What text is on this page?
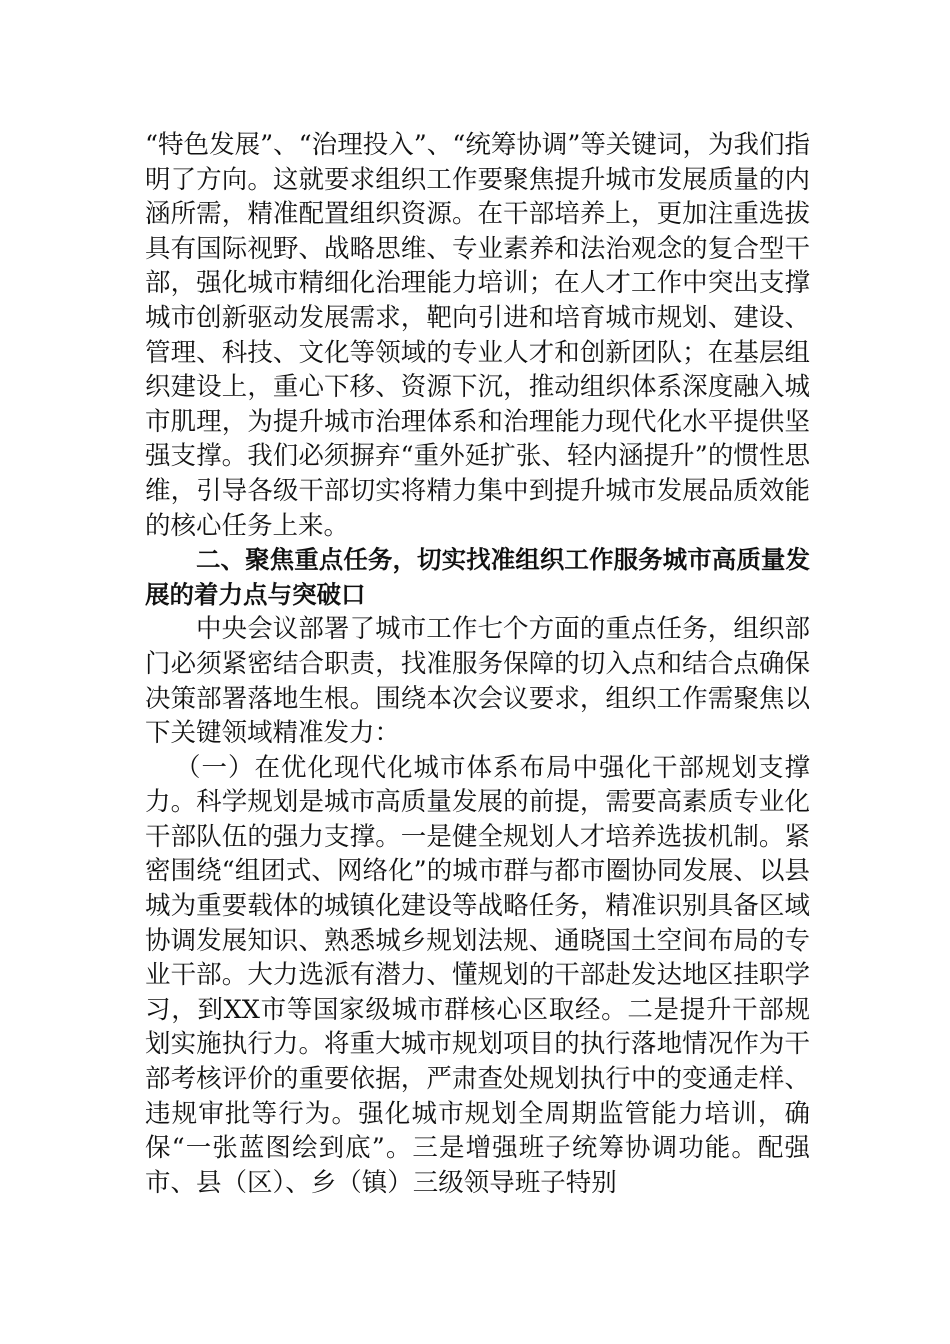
“特色发展”、“治理投入”、“统筹协调”等关键词，为我们指明了方向。这就要求组织工作要聚焦提升城市发展质量的内涵所需，精准配置组织资源。在干部培养上，更加注重选拔具有国际视野、战略思维、专业素养和法治观念的复合型干部，强化城市精细化治理能力培训；在人才工作中突出支撑城市创新驱动发展需求，靶向引进和培育城市规划、建设、管理、科技、文化等领域的专业人才和创新团队；在基层组织建设上，重心下移、资源下沉，推动组织体系深度融入城市肌理，为提升城市治理体系和治理能力现代化水平提供坚强支撑。我们必须摒弃“重外延扩张、轻内涵提升”的惯性思维，引导各级干部切实将精力集中到提升城市发展品质效能的核心任务上来。

二、聚焦重点任务，切实找准组织工作服务城市高质量发展的着力点与突破口

中央会议部署了城市工作七个方面的重点任务，组织部门必须紧密结合职责，找准服务保障的切入点和结合点确保决策部署落地生根。围绕本次会议要求，组织工作需聚焦以下关键领域精准发力：

（一）在优化现代化城市体系布局中强化干部规划支撑力。科学规划是城市高质量发展的前提，需要高素质专业化干部队伍的强力支撑。一是健全规划人才培养选拔机制。紧密围绕“组团式、网络化”的城市群与都市圈协同发展、以县城为重要载体的城镇化建设等战略任务，精准识别具备区域协调发展知识、熟悉城乡规划法规、通晓国土空间布局的专业干部。大力选派有潜力、懂规划的干部赴发达地区挂职学习，到XX市等国家级城市群核心区取经。二是提升干部规划实施执行力。将重大城市规划项目的执行落地情况作为干部考核评价的重要依据，严肃查处规划执行中的变通走样、违规审批等行为。强化城市规划全周期监管能力培训，确保“一张蓝图绘到底”。三是增强班子统筹协调功能。配强市、县（区）、乡（镇）三级领导班子特别
